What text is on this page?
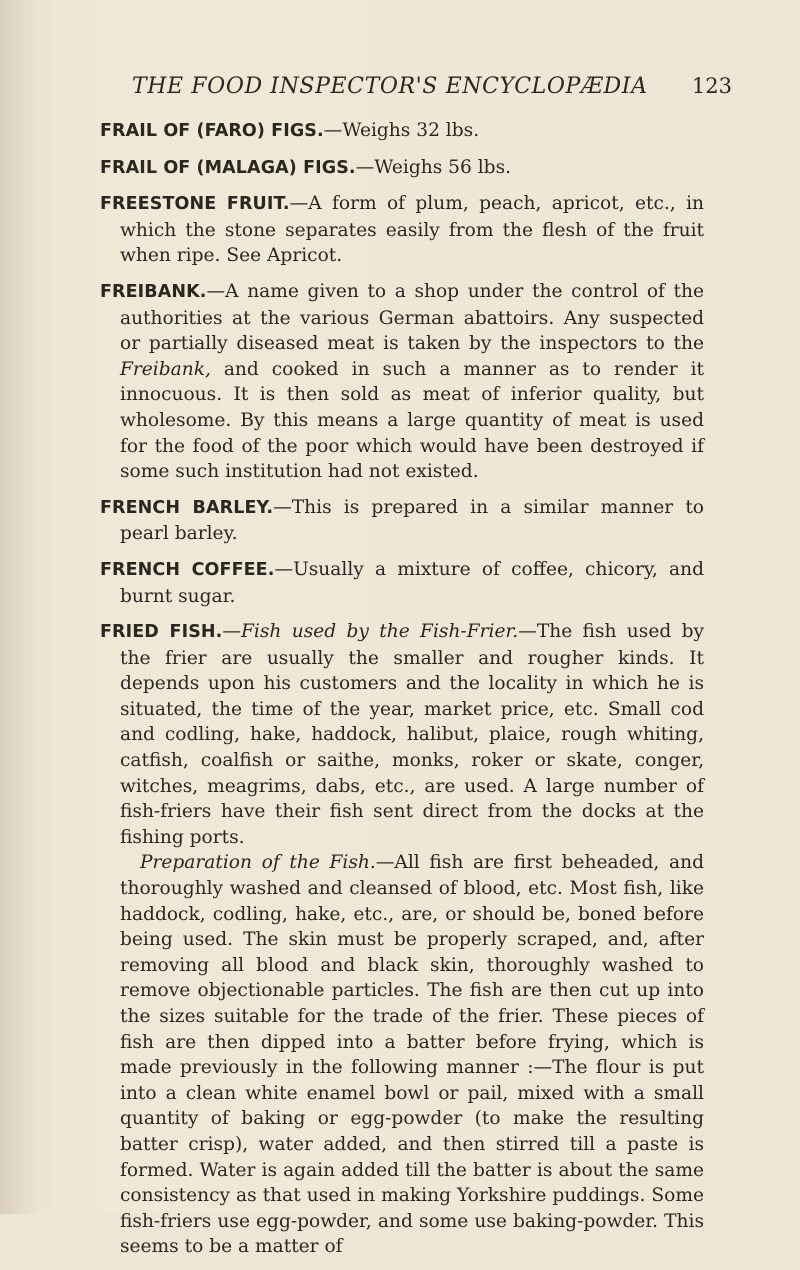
THE FOOD INSPECTOR'S ENCYCLOPÆDIA 123

FRAIL OF (FARO) FIGS.—Weighs 32 lbs.

FRAIL OF (MALAGA) FIGS.—Weighs 56 lbs.

FREESTONE FRUIT.—A form of plum, peach, apricot, etc., in which the stone separates easily from the flesh of the fruit when ripe. See Apricot.

FREIBANK.—A name given to a shop under the control of the authorities at the various German abattoirs. Any suspected or partially diseased meat is taken by the inspectors to the Freibank, and cooked in such a manner as to render it innocuous. It is then sold as meat of inferior quality, but wholesome. By this means a large quantity of meat is used for the food of the poor which would have been destroyed if some such institution had not existed.

FRENCH BARLEY.—This is prepared in a similar manner to pearl barley.

FRENCH COFFEE.—Usually a mixture of coffee, chicory, and burnt sugar.

FRIED FISH.—Fish used by the Fish-Frier.—The fish used by the frier are usually the smaller and rougher kinds. It depends upon his customers and the locality in which he is situated, the time of the year, market price, etc. Small cod and codling, hake, haddock, halibut, plaice, rough whiting, catfish, coalfish or saithe, monks, roker or skate, conger, witches, meagrims, dabs, etc., are used. A large number of fish-friers have their fish sent direct from the docks at the fishing ports.

Preparation of the Fish.—All fish are first beheaded, and thoroughly washed and cleansed of blood, etc. Most fish, like haddock, codling, hake, etc., are, or should be, boned before being used. The skin must be properly scraped, and, after removing all blood and black skin, thoroughly washed to remove objectionable particles. The fish are then cut up into the sizes suitable for the trade of the frier. These pieces of fish are then dipped into a batter before frying, which is made previously in the following manner :—The flour is put into a clean white enamel bowl or pail, mixed with a small quantity of baking or egg-powder (to make the resulting batter crisp), water added, and then stirred till a paste is formed. Water is again added till the batter is about the same consistency as that used in making Yorkshire puddings. Some fish-friers use egg-powder, and some use baking-powder. This seems to be a matter of
